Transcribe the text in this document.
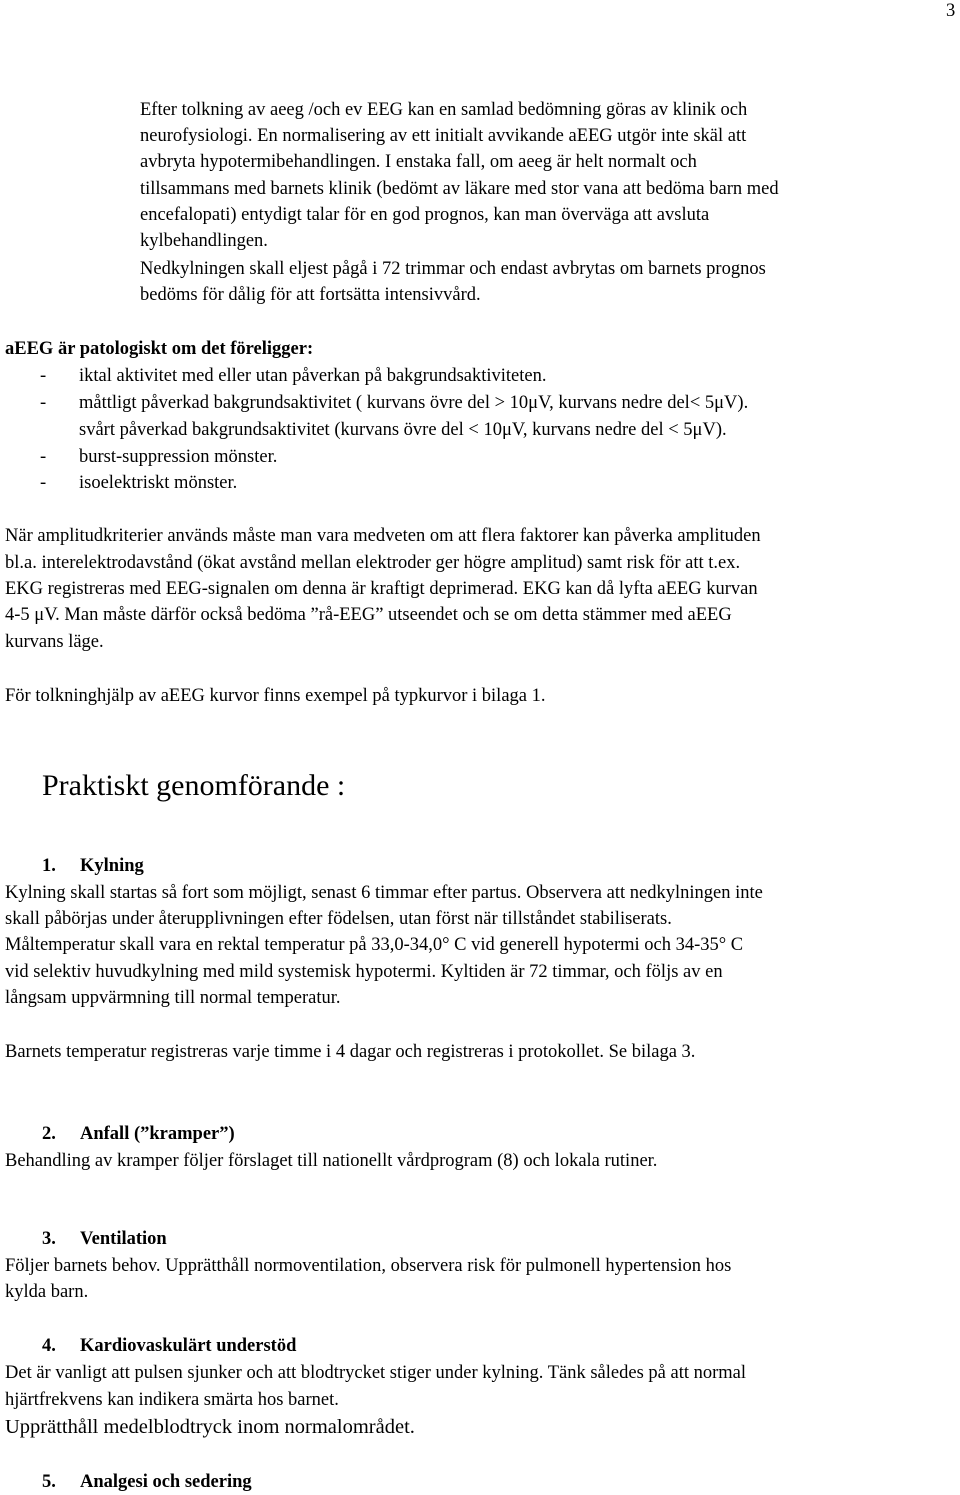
3
Efter tolkning av aeeg /och ev EEG kan en samlad bedömning göras av klinik och
neurofysiologi. En normalisering av ett initialt avvikande aEEG utgör inte skäl att
avbryta hypotermibehandlingen. I enstaka fall, om aeeg är helt normalt och
tillsammans med barnets klinik (bedömt av läkare med stor vana att bedöma barn med
encefalopati) entydigt talar för en god prognos, kan man överväga att avsluta
kylbehandlingen.
Nedkylningen skall eljest pågå i 72 trimmar och endast avbrytas om barnets prognos
bedöms för dålig för att fortsätta intensivvård.
aEEG är patologiskt om det föreligger:
- iktal aktivitet med eller utan påverkan på bakgrundsaktiviteten.
- måttligt påverkad bakgrundsaktivitet ( kurvans övre del > 10μV, kurvans nedre del< 5μV).
svårt påverkad bakgrundsaktivitet (kurvans övre del < 10μV, kurvans nedre del < 5μV).
- burst-suppression mönster.
- isoelektriskt mönster.
När amplitudkriterier används måste man vara medveten om att flera faktorer kan påverka amplituden
bl.a. interelektrodavstånd (ökat avstånd mellan elektroder ger högre amplitud) samt risk för att t.ex.
EKG registreras med EEG-signalen om denna är kraftigt deprimerad. EKG kan då lyfta aEEG kurvan
4-5 μV. Man måste därför också bedöma ”rå-EEG” utseendet och se om detta stämmer med aEEG
kurvans läge.
För tolkninghjälp av aEEG kurvor finns exempel på typkurvor i bilaga 1.
Praktiskt genomförande :
1. Kylning
Kylning skall startas så fort som möjligt, senast 6 timmar efter partus. Observera att nedkylningen inte
skall påbörjas under återupplivningen efter födelsen, utan först när tillståndet stabiliserats.
Måltemperatur skall vara en rektal temperatur på 33,0-34,0° C vid generell hypotermi och 34-35° C
vid selektiv huvudkylning med mild systemisk hypotermi. Kyltiden är 72 timmar, och följs av en
långsam uppvärmning till normal temperatur.
Barnets temperatur registreras varje timme i 4 dagar och registreras i protokollet. Se bilaga 3.
2. Anfall (”kramper”)
Behandling av kramper följer förslaget till nationellt vårdprogram (8) och lokala rutiner.
3. Ventilation
Följer barnets behov. Upprätthåll normoventilation, observera risk för pulmonell hypertension hos
kylda barn.
4. Kardiovaskulärt understöd
Det är vanligt att pulsen sjunker och att blodtrycket stiger under kylning. Tänk således på att normal
hjärtfrekvens kan indikera smärta hos barnet.
Upprätthåll medelblodtryck inom normalområdet.
5. Analgesi och sedering
